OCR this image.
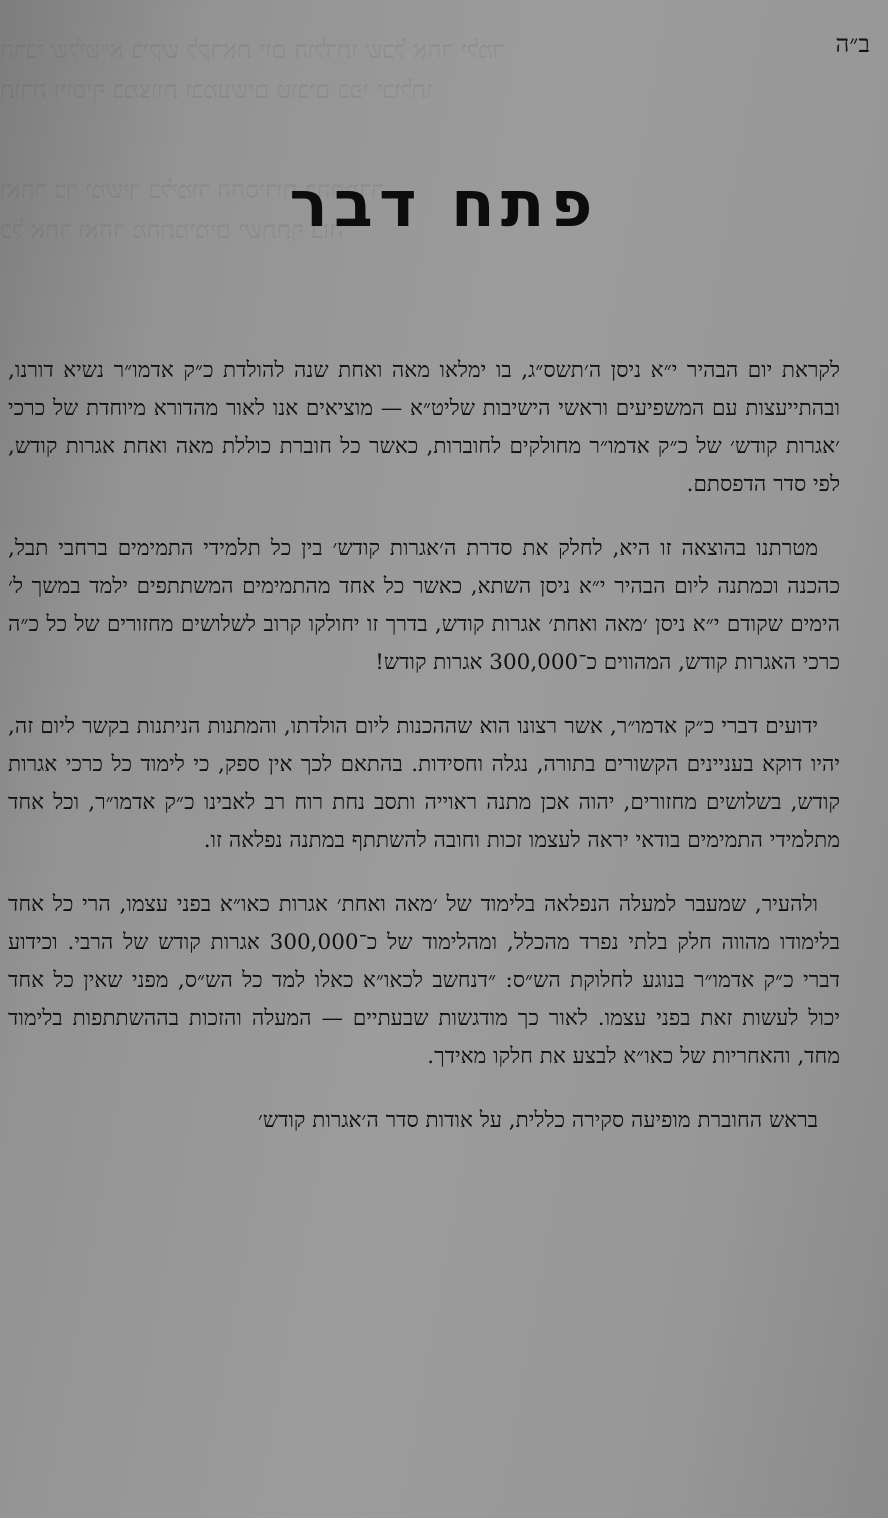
הרבי שליט״א ביקש לקראת יום הולדתו שכל אחד ילמד
תורה ויוסיף במצוות ובמעשים טובים כפי יכולתו
ואחר כך ימשיך בלימוד החסידות בהתמדה
כל אחד ואחד מהתמימים ישתתף בזה
ב״ה
פתח דבר

לקראת יום הבהיר י״א ניסן ה׳תשס״ג, בו ימלאו מאה ואחת שנה להולדת כ״ק אדמו״ר נשיא דורנו, ובהתייעצות עם המשפיעים וראשי הישיבות שליט״א — מוציאים אנו לאור מהדורא מיוחדת של כרכי ׳אגרות קודש׳ של כ״ק אדמו״ר מחולקים לחוברות, כאשר כל חוברת כוללת מאה ואחת אגרות קודש, לפי סדר הדפסתם.

מטרתנו בהוצאה זו היא, לחלק את סדרת ה׳אגרות קודש׳ בין כל תלמידי התמימים ברחבי תבל, כהכנה וכמתנה ליום הבהיר י״א ניסן השתא, כאשר כל אחד מהתמימים המשתתפים ילמד במשך ל׳ הימים שקודם י״א ניסן ׳מאה ואחת׳ אגרות קודש, בדרך זו יחולקו קרוב לשלושים מחזורים של כל כ״ה כרכי האגרות קודש, המהווים כ־300,000 אגרות קודש!

ידועים דברי כ״ק אדמו״ר, אשר רצונו הוא שההכנות ליום הולדתו, והמתנות הניתנות בקשר ליום זה, יהיו דוקא בעניינים הקשורים בתורה, נגלה וחסידות. בהתאם לכך אין ספק, כי לימוד כל כרכי אגרות קודש, בשלושים מחזורים, יהוה אכן מתנה ראוייה ותסב נחת רוח רב לאבינו כ״ק אדמו״ר, וכל אחד מתלמידי התמימים בודאי יראה לעצמו זכות וחובה להשתתף במתנה נפלאה זו.

ולהעיר, שמעבר למעלה הנפלאה בלימוד של ׳מאה ואחת׳ אגרות כאו״א בפני עצמו, הרי כל אחד בלימודו מהווה חלק בלתי נפרד מהכלל, ומהלימוד של כ־300,000 אגרות קודש של הרבי. וכידוע דברי כ״ק אדמו״ר בנוגע לחלוקת הש״ס: ״דנחשב לכאו״א כאלו למד כל הש״ס, מפני שאין כל אחד יכול לעשות זאת בפני עצמו. לאור כך מודגשות שבעתיים — המעלה והזכות בההשתתפות בלימוד מחד, והאחריות של כאו״א לבצע את חלקו מאידך.

בראש החוברת מופיעה סקירה כללית, על אודות סדר ה׳אגרות קודש׳
